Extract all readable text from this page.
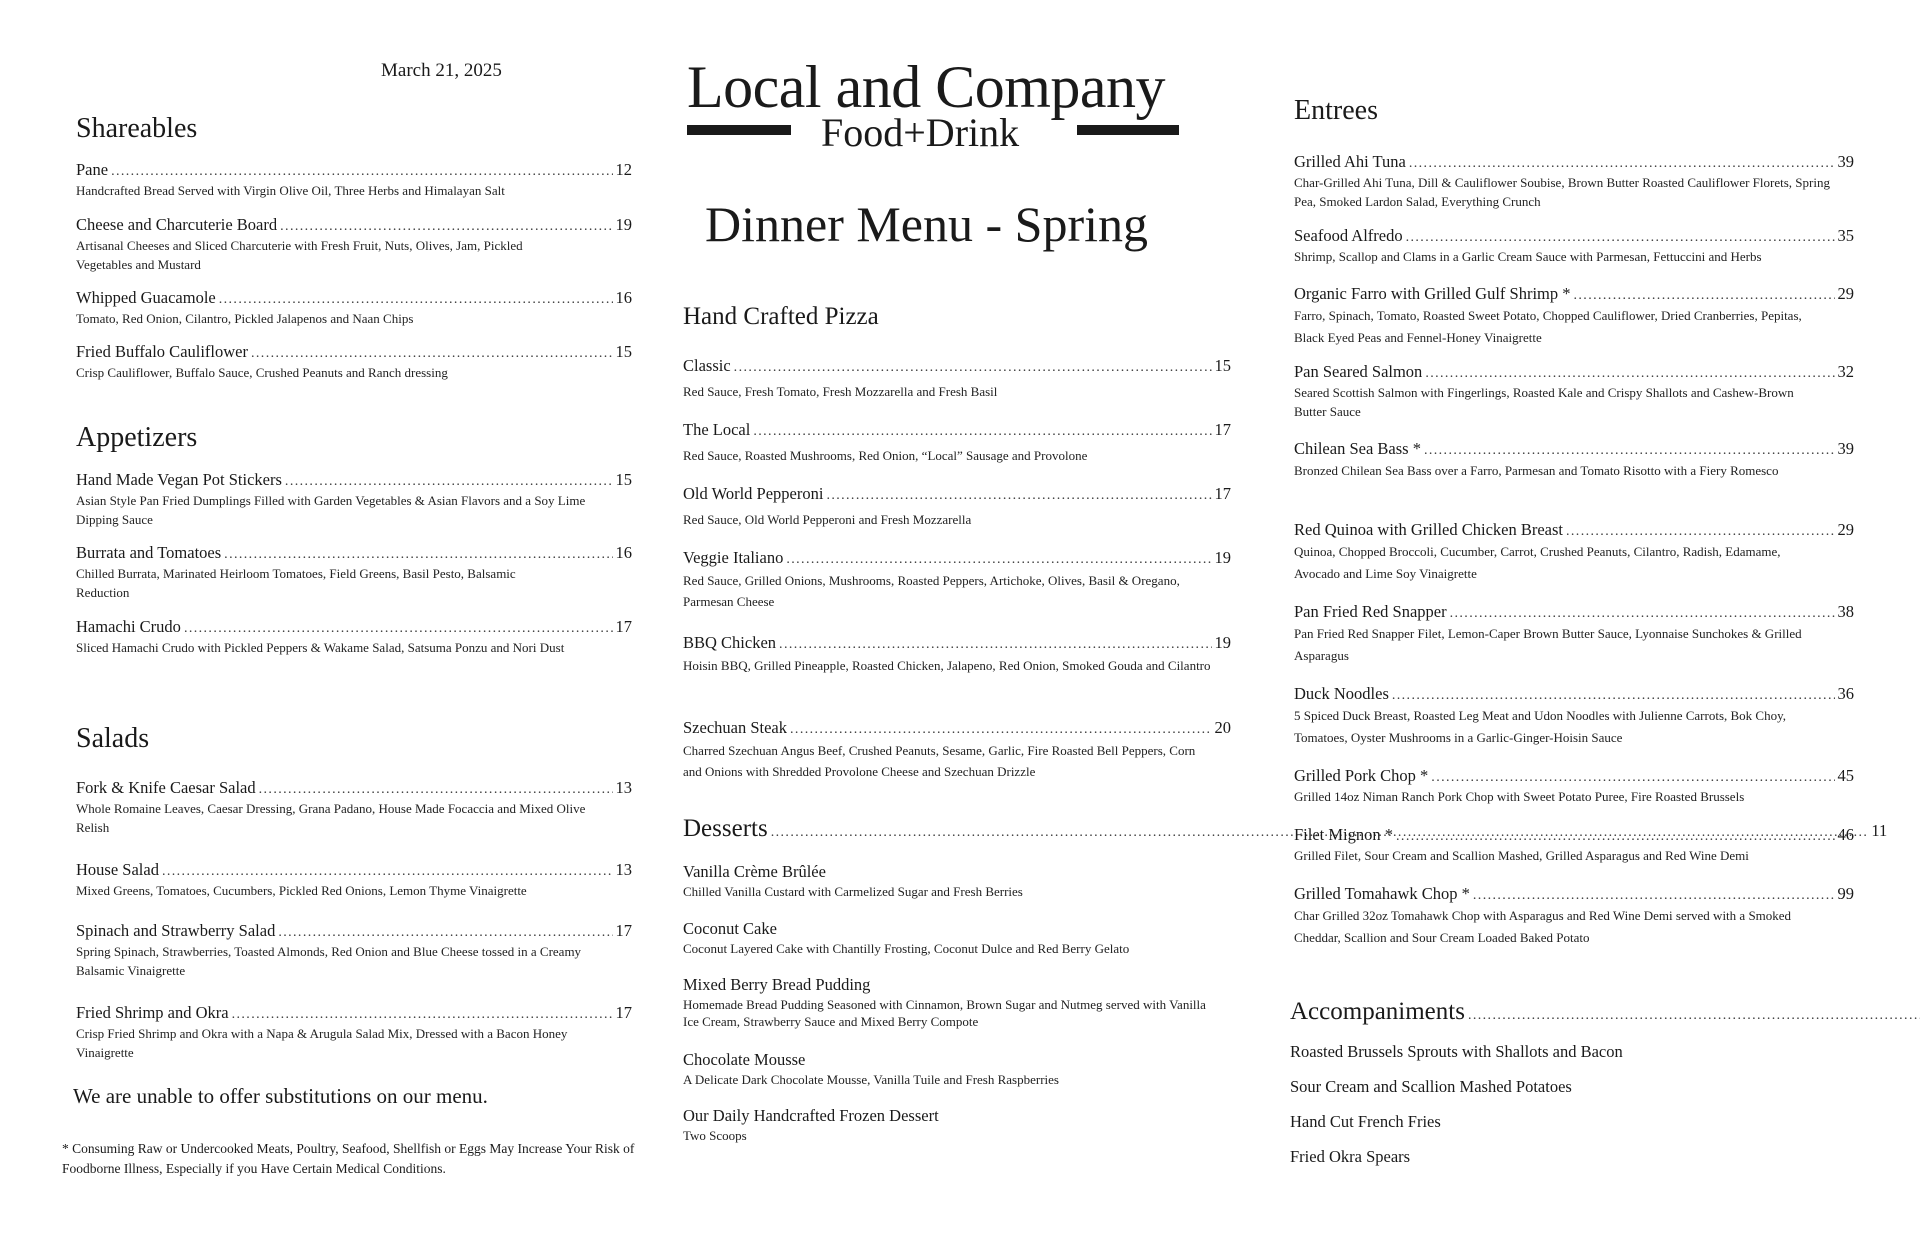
March 21, 2025
Shareables
Pane .....	12
Handcrafted Bread Served with Virgin Olive Oil, Three Herbs and Himalayan Salt
Cheese and Charcuterie Board .....	19
Artisanal Cheeses and Sliced Charcuterie with Fresh Fruit, Nuts, Olives, Jam, Pickled Vegetables and Mustard
Whipped Guacamole .....	16
Tomato, Red Onion, Cilantro, Pickled Jalapenos and Naan Chips
Fried Buffalo Cauliflower .....	15
Crisp Cauliflower, Buffalo Sauce, Crushed Peanuts and Ranch dressing
Appetizers
Hand Made Vegan Pot Stickers .....	15
Asian Style Pan Fried Dumplings Filled with Garden Vegetables & Asian Flavors and a Soy Lime Dipping Sauce
Burrata and Tomatoes .....	16
Chilled Burrata, Marinated Heirloom Tomatoes, Field Greens, Basil Pesto, Balsamic Reduction
Hamachi Crudo .....	17
Sliced Hamachi Crudo with Pickled Peppers & Wakame Salad, Satsuma Ponzu and Nori Dust
Salads
Fork & Knife Caesar Salad .....	13
Whole Romaine Leaves, Caesar Dressing, Grana Padano, House Made Focaccia and Mixed Olive Relish
House Salad .....	13
Mixed Greens, Tomatoes, Cucumbers, Pickled Red Onions, Lemon Thyme Vinaigrette
Spinach and Strawberry Salad .....	17
Spring Spinach, Strawberries, Toasted Almonds, Red Onion and Blue Cheese tossed in a Creamy Balsamic Vinaigrette
Fried Shrimp and Okra .....	17
Crisp Fried Shrimp and Okra with a Napa & Arugula Salad Mix, Dressed with a Bacon Honey Vinaigrette
We are unable to offer substitutions on our menu.
* Consuming Raw or Undercooked Meats, Poultry, Seafood, Shellfish or Eggs May Increase Your Risk of Foodborne Illness, Especially if you Have Certain Medical Conditions.
Local and Company
Food+Drink
Dinner Menu - Spring
Hand Crafted Pizza
Classic .....	15
Red Sauce, Fresh Tomato, Fresh Mozzarella and Fresh Basil
The Local .....	17
Red Sauce, Roasted Mushrooms, Red Onion, “Local” Sausage and Provolone
Old World Pepperoni .....	17
Red Sauce, Old World Pepperoni and Fresh Mozzarella
Veggie Italiano .....	19
Red Sauce, Grilled Onions, Mushrooms, Roasted Peppers, Artichoke, Olives, Basil & Oregano, Parmesan Cheese
BBQ Chicken .....	19
Hoisin BBQ, Grilled Pineapple, Roasted Chicken, Jalapeno, Red Onion, Smoked Gouda and Cilantro
Szechuan Steak .....	20
Charred Szechuan Angus Beef, Crushed Peanuts, Sesame, Garlic, Fire Roasted Bell Peppers, Corn and Onions with Shredded Provolone Cheese and Szechuan Drizzle
Desserts .....	11
Vanilla Crème Brûlée
Chilled Vanilla Custard with Carmelized Sugar and Fresh Berries
Coconut Cake
Coconut Layered Cake with Chantilly Frosting, Coconut Dulce and Red Berry Gelato
Mixed Berry Bread Pudding
Homemade Bread Pudding Seasoned with Cinnamon, Brown Sugar and Nutmeg served with Vanilla Ice Cream, Strawberry Sauce and Mixed Berry Compote
Chocolate Mousse
A Delicate Dark Chocolate Mousse, Vanilla Tuile and Fresh Raspberries
Our Daily Handcrafted Frozen Dessert
Two Scoops
Entrees
Grilled Ahi Tuna .....	39
Char-Grilled Ahi Tuna, Dill & Cauliflower Soubise, Brown Butter Roasted Cauliflower Florets, Spring Pea, Smoked Lardon Salad, Everything Crunch
Seafood Alfredo .....	35
Shrimp, Scallop and Clams in a Garlic Cream Sauce with Parmesan, Fettuccini and Herbs
Organic Farro with Grilled Gulf Shrimp * .....	29
Farro, Spinach, Tomato, Roasted Sweet Potato, Chopped Cauliflower, Dried Cranberries, Pepitas, Black Eyed Peas and Fennel-Honey Vinaigrette
Pan Seared Salmon .....	32
Seared Scottish Salmon with Fingerlings, Roasted Kale and Crispy Shallots and Cashew-Brown Butter Sauce
Chilean Sea Bass * .....	39
Bronzed Chilean Sea Bass over a Farro, Parmesan and Tomato Risotto with a Fiery Romesco
Red Quinoa with Grilled Chicken Breast .....	29
Quinoa, Chopped Broccoli, Cucumber, Carrot, Crushed Peanuts, Cilantro, Radish, Edamame, Avocado and Lime Soy Vinaigrette
Pan Fried Red Snapper .....	38
Pan Fried Red Snapper Filet, Lemon-Caper Brown Butter Sauce, Lyonnaise Sunchokes & Grilled Asparagus
Duck Noodles .....	36
5 Spiced Duck Breast, Roasted Leg Meat and Udon Noodles with Julienne Carrots, Bok Choy, Tomatoes, Oyster Mushrooms in a Garlic-Ginger-Hoisin Sauce
Grilled Pork Chop * .....	45
Grilled 14oz Niman Ranch Pork Chop with Sweet Potato Puree, Fire Roasted Brussels
Filet Mignon * .....	46
Grilled Filet, Sour Cream and Scallion Mashed, Grilled Asparagus and Red Wine Demi
Grilled Tomahawk Chop * .....	99
Char Grilled 32oz Tomahawk Chop with Asparagus and Red Wine Demi served with a Smoked Cheddar, Scallion and Sour Cream Loaded Baked Potato
Accompaniments
.....
Roasted Brussels Sprouts with Shallots and Bacon
Sour Cream and Scallion Mashed Potatoes
Hand Cut French Fries
Fried Okra Spears
